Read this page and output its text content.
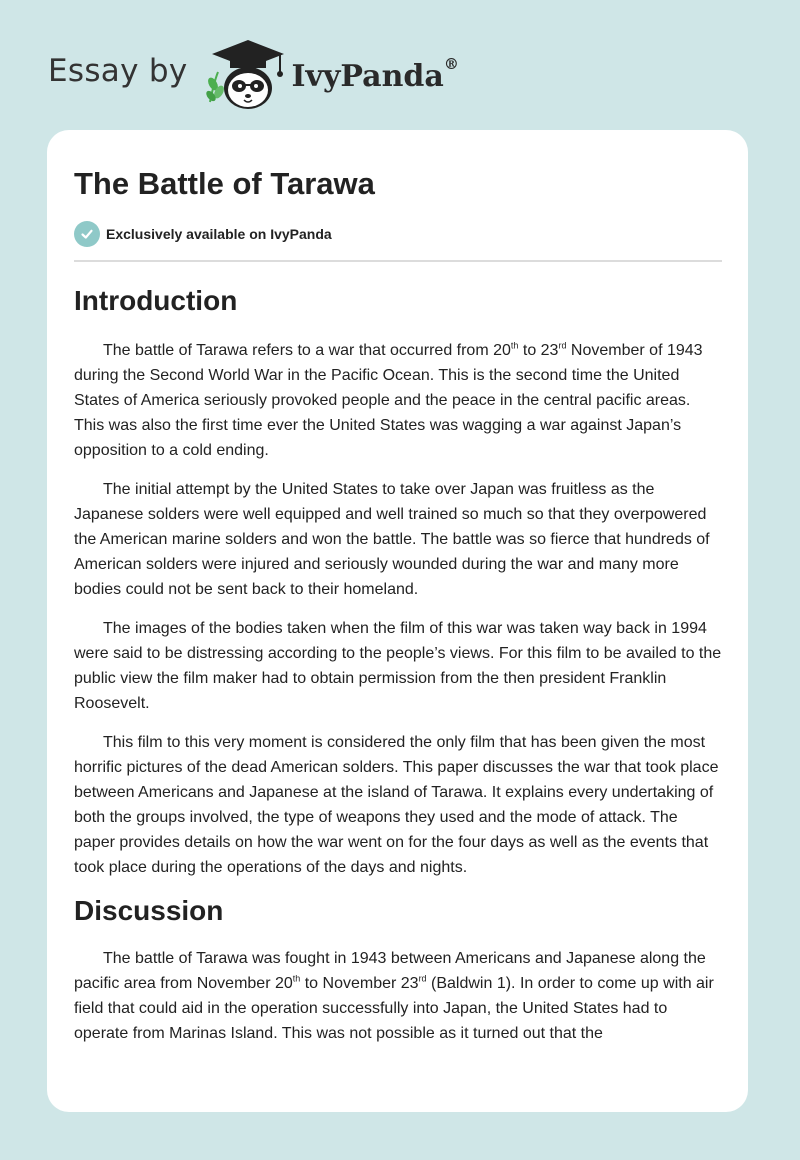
Essay by	IvyPanda®
The Battle of Tarawa
Exclusively available on IvyPanda
Introduction

The battle of Tarawa refers to a war that occurred from 20th to 23rd November of 1943 during the Second World War in the Pacific Ocean. This is the second time the United States of America seriously provoked people and the peace in the central pacific areas. This was also the first time ever the United States was wagging a war against Japan’s opposition to a cold ending.

The initial attempt by the United States to take over Japan was fruitless as the Japanese solders were well equipped and well trained so much so that they overpowered the American marine solders and won the battle. The battle was so fierce that hundreds of American solders were injured and seriously wounded during the war and many more bodies could not be sent back to their homeland.

The images of the bodies taken when the film of this war was taken way back in 1994 were said to be distressing according to the people’s views. For this film to be availed to the public view the film maker had to obtain permission from the then president Franklin Roosevelt.

This film to this very moment is considered the only film that has been given the most horrific pictures of the dead American solders. This paper discusses the war that took place between Americans and Japanese at the island of Tarawa. It explains every undertaking of both the groups involved, the type of weapons they used and the mode of attack. The paper provides details on how the war went on for the four days as well as the events that took place during the operations of the days and nights.

Discussion

The battle of Tarawa was fought in 1943 between Americans and Japanese along the pacific area from November 20th to November 23rd (Baldwin 1). In order to come up with air field that could aid in the operation successfully into Japan, the United States had to operate from Marinas Island. This was not possible as it turned out that the
